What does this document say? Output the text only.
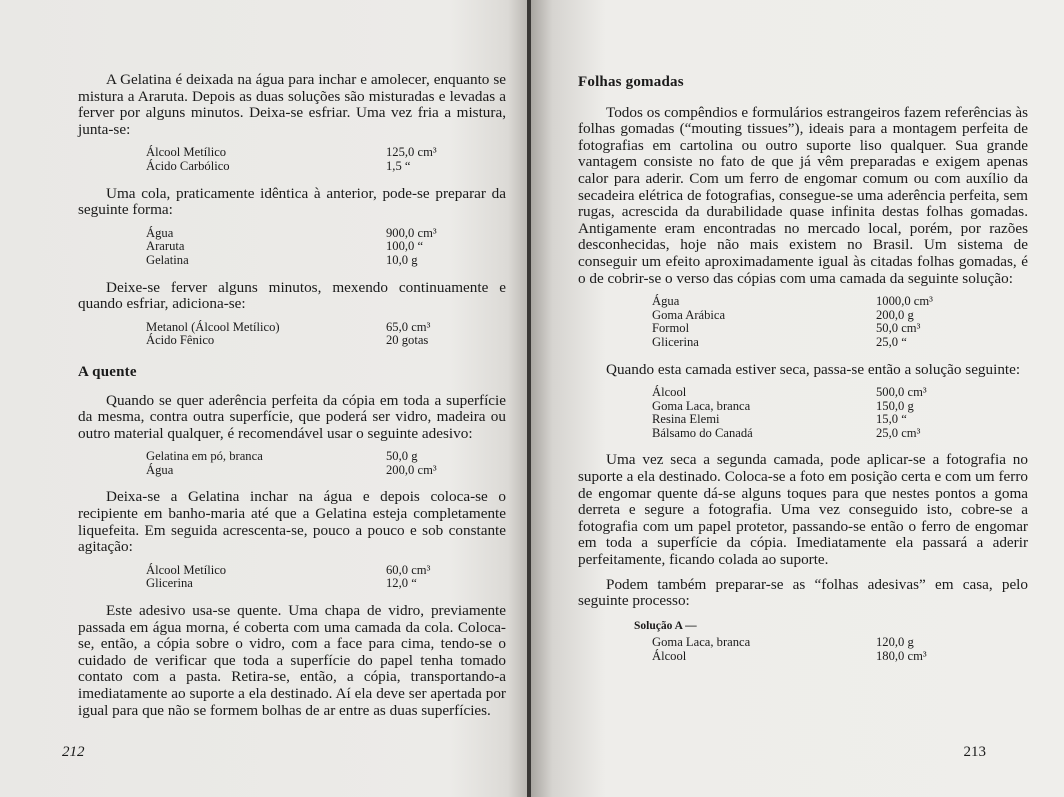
A Gelatina é deixada na água para inchar e amolecer, enquanto se mistura a Araruta. Depois as duas soluções são misturadas e levadas a ferver por alguns minutos. Deixa-se esfriar. Uma vez fria a mistura, junta-se:

Álcool Metílico	125,0 cm³
Ácido Carbólico	1,5 “

Uma cola, praticamente idêntica à anterior, pode-se preparar da seguinte forma:

Água	900,0 cm³
Araruta	100,0 “
Gelatina	10,0 g

Deixe-se ferver alguns minutos, mexendo continuamente e quando esfriar, adiciona-se:

Metanol (Álcool Metílico)	65,0 cm³
Ácido Fênico	20 gotas
A quente

Quando se quer aderência perfeita da cópia em toda a superfície da mesma, contra outra superfície, que poderá ser vidro, madeira ou outro material qualquer, é recomendável usar o seguinte adesivo:

Gelatina em pó, branca	50,0 g
Água	200,0 cm³

Deixa-se a Gelatina inchar na água e depois coloca-se o recipiente em banho-maria até que a Gelatina esteja completamente liquefeita. Em seguida acrescenta-se, pouco a pouco e sob constante agitação:

Álcool Metílico	60,0 cm³
Glicerina	12,0 “

Este adesivo usa-se quente. Uma chapa de vidro, previamente passada em água morna, é coberta com uma camada da cola. Coloca-se, então, a cópia sobre o vidro, com a face para cima, tendo-se o cuidado de verificar que toda a superfície do papel tenha tomado contato com a pasta. Retira-se, então, a cópia, transportando-a imediatamente ao suporte a ela destinado. Aí ela deve ser apertada por igual para que não se formem bolhas de ar entre as duas superfícies.

212
Folhas gomadas

Todos os compêndios e formulários estrangeiros fazem referências às folhas gomadas (“mouting tissues”), ideais para a montagem perfeita de fotografias em cartolina ou outro suporte liso qualquer. Sua grande vantagem consiste no fato de que já vêm preparadas e exigem apenas calor para aderir. Com um ferro de engomar comum ou com auxílio da secadeira elétrica de fotografias, consegue-se uma aderência perfeita, sem rugas, acrescida da durabilidade quase infinita destas folhas gomadas. Antigamente eram encontradas no mercado local, porém, por razões desconhecidas, hoje não mais existem no Brasil. Um sistema de conseguir um efeito aproximadamente igual às citadas folhas gomadas, é o de cobrir-se o verso das cópias com uma camada da seguinte solução:

Água	1000,0 cm³
Goma Arábica	200,0 g
Formol	50,0 cm³
Glicerina	25,0 “

Quando esta camada estiver seca, passa-se então a solução seguinte:

Álcool	500,0 cm³
Goma Laca, branca	150,0 g
Resina Elemi	15,0 “
Bálsamo do Canadá	25,0 cm³

Uma vez seca a segunda camada, pode aplicar-se a fotografia no suporte a ela destinado. Coloca-se a foto em posição certa e com um ferro de engomar quente dá-se alguns toques para que nestes pontos a goma derreta e segure a fotografia. Uma vez conseguido isto, cobre-se a fotografia com um papel protetor, passando-se então o ferro de engomar em toda a superfície da cópia. Imediatamente ela passará a aderir perfeitamente, ficando colada ao suporte.

Podem também preparar-se as “folhas adesivas” em casa, pelo seguinte processo:

Solução A —
Goma Laca, branca	120,0 g
Álcool	180,0 cm³
213
